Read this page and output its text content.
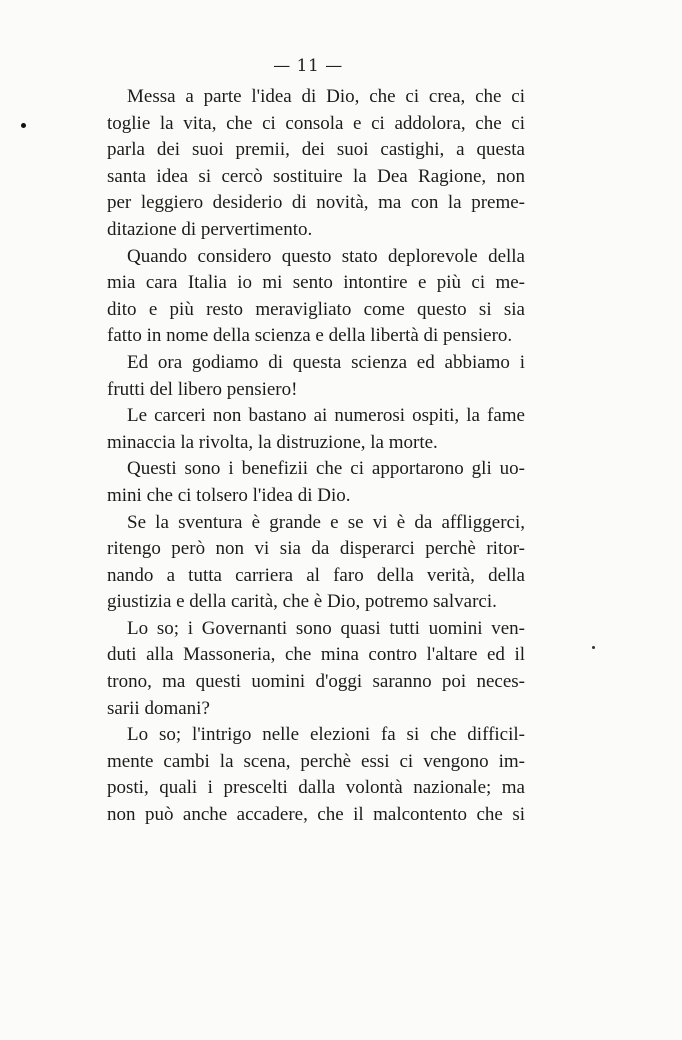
— 11 —
Messa a parte l'idea di Dio, che ci crea, che ci
toglie la vita, che ci consola e ci addolora, che ci
parla dei suoi premii, dei suoi castighi, a questa
santa idea si cercò sostituire la Dea Ragione, non
per leggiero desiderio di novità, ma con la preme-
ditazione di pervertimento.
Quando considero questo stato deplorevole della
mia cara Italia io mi sento intontire e più ci me-
dito e più resto meravigliato come questo si sia
fatto in nome della scienza e della libertà di pensiero.
Ed ora godiamo di questa scienza ed abbiamo i
frutti del libero pensiero!
Le carceri non bastano ai numerosi ospiti, la fame
minaccia la rivolta, la distruzione, la morte.
Questi sono i benefizii che ci apportarono gli uo-
mini che ci tolsero l'idea di Dio.
Se la sventura è grande e se vi è da affliggerci,
ritengo però non vi sia da disperarci perchè ritor-
nando a tutta carriera al faro della verità, della
giustizia e della carità, che è Dio, potremo salvarci.
Lo so; i Governanti sono quasi tutti uomini ven-
duti alla Massoneria, che mina contro l'altare ed il
trono, ma questi uomini d'oggi saranno poi neces-
sarii domani?
Lo so; l'intrigo nelle elezioni fa si che difficil-
mente cambi la scena, perchè essi ci vengono im-
posti, quali i prescelti dalla volontà nazionale; ma
non può anche accadere, che il malcontento che si
